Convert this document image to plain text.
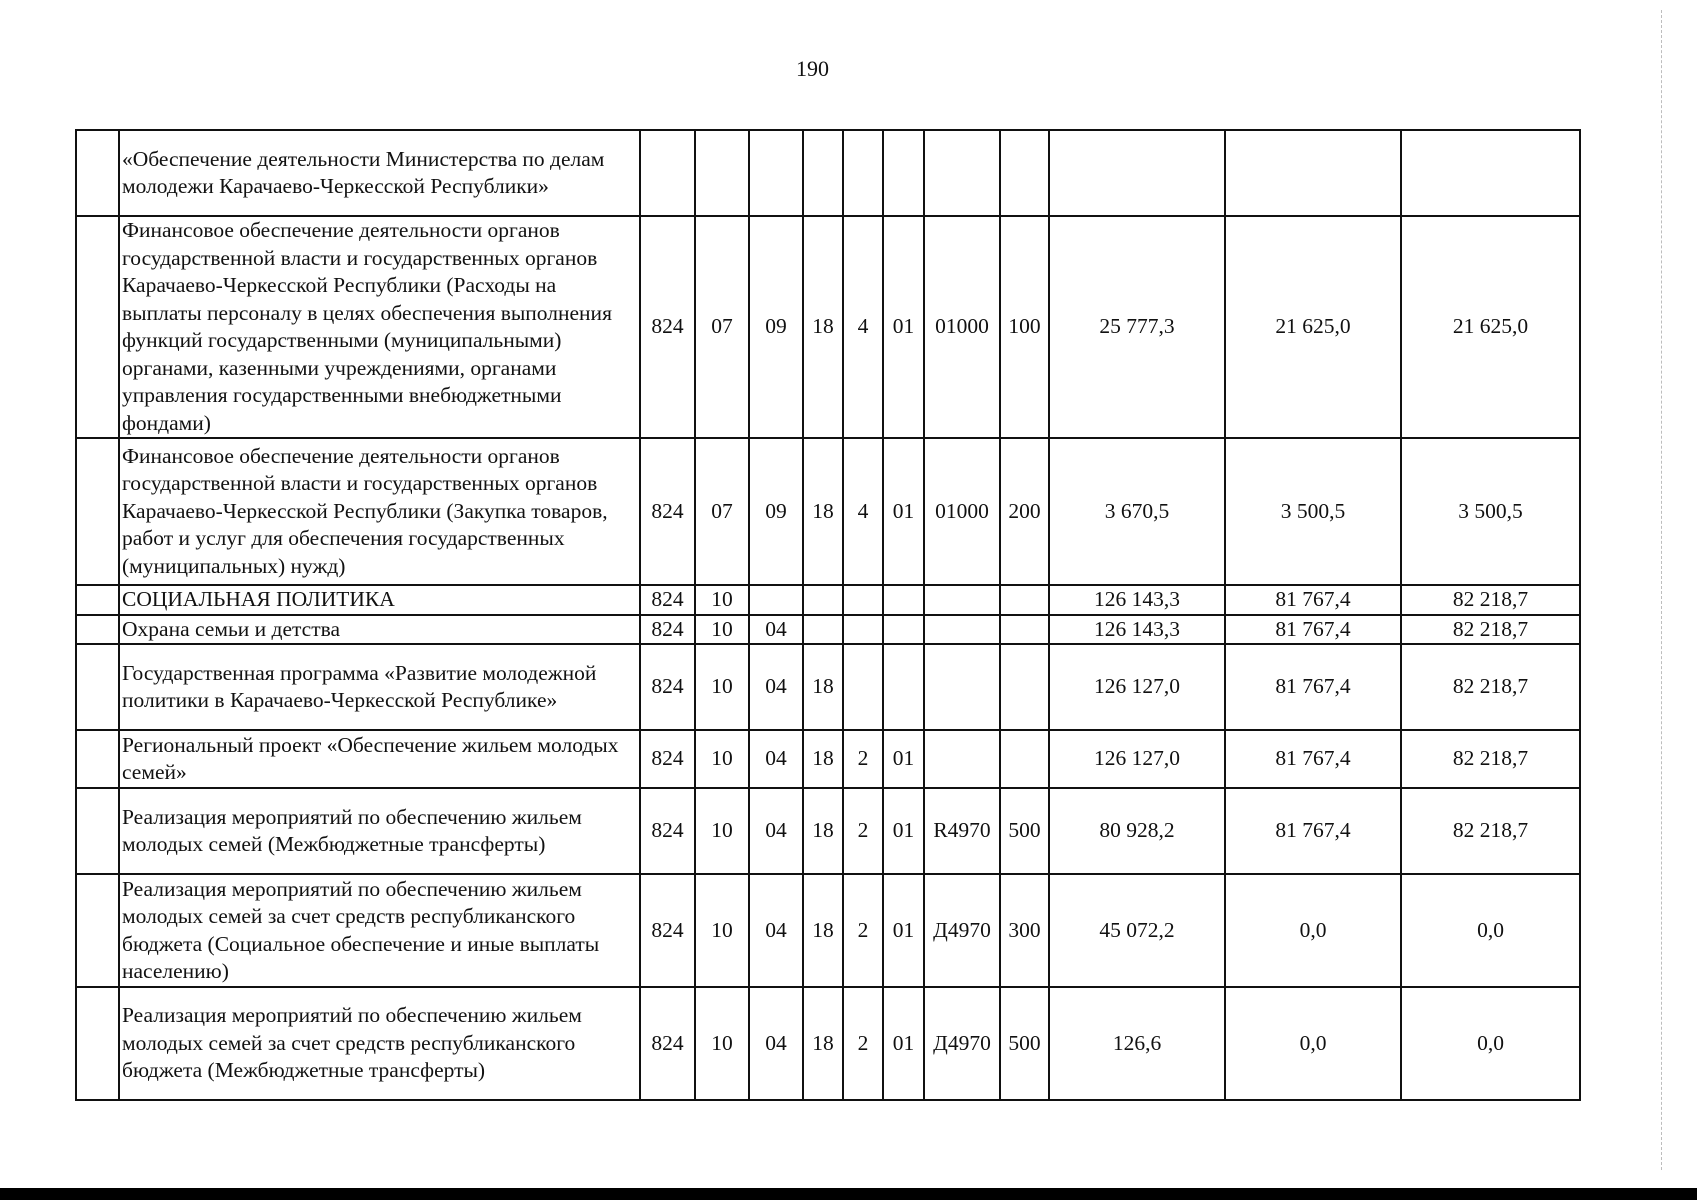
190
	«Обеспечение деятельности Министерства по делам молодежи Карачаево-Черкесской Республики»											
	Финансовое обеспечение деятельности органов государственной власти и государственных органов Карачаево-Черкесской Республики (Расходы на выплаты персоналу в целях обеспечения выполнения функций государственными (муниципальными) органами, казенными учреждениями, органами управления государственными внебюджетными фондами)	824	07	09	18	4	01	01000	100	25 777,3	21 625,0	21 625,0
	Финансовое обеспечение деятельности органов государственной власти и государственных органов Карачаево-Черкесской Республики (Закупка товаров, работ и услуг для обеспечения государственных (муниципальных) нужд)	824	07	09	18	4	01	01000	200	3 670,5	3 500,5	3 500,5
	СОЦИАЛЬНАЯ ПОЛИТИКА	824	10							126 143,3	81 767,4	82 218,7
	Охрана семьи и детства	824	10	04						126 143,3	81 767,4	82 218,7
	Государственная программа «Развитие молодежной политики в Карачаево-Черкесской Республике»	824	10	04	18					126 127,0	81 767,4	82 218,7
	Региональный проект «Обеспечение жильем молодых семей»	824	10	04	18	2	01			126 127,0	81 767,4	82 218,7
	Реализация мероприятий по обеспечению жильем молодых семей (Межбюджетные трансферты)	824	10	04	18	2	01	R4970	500	80 928,2	81 767,4	82 218,7
	Реализация мероприятий по обеспечению жильем молодых семей за счет средств республиканского бюджета (Социальное обеспечение и иные выплаты населению)	824	10	04	18	2	01	Д4970	300	45 072,2	0,0	0,0
	Реализация мероприятий по обеспечению жильем молодых семей за счет средств республиканского бюджета (Межбюджетные трансферты)	824	10	04	18	2	01	Д4970	500	126,6	0,0	0,0
